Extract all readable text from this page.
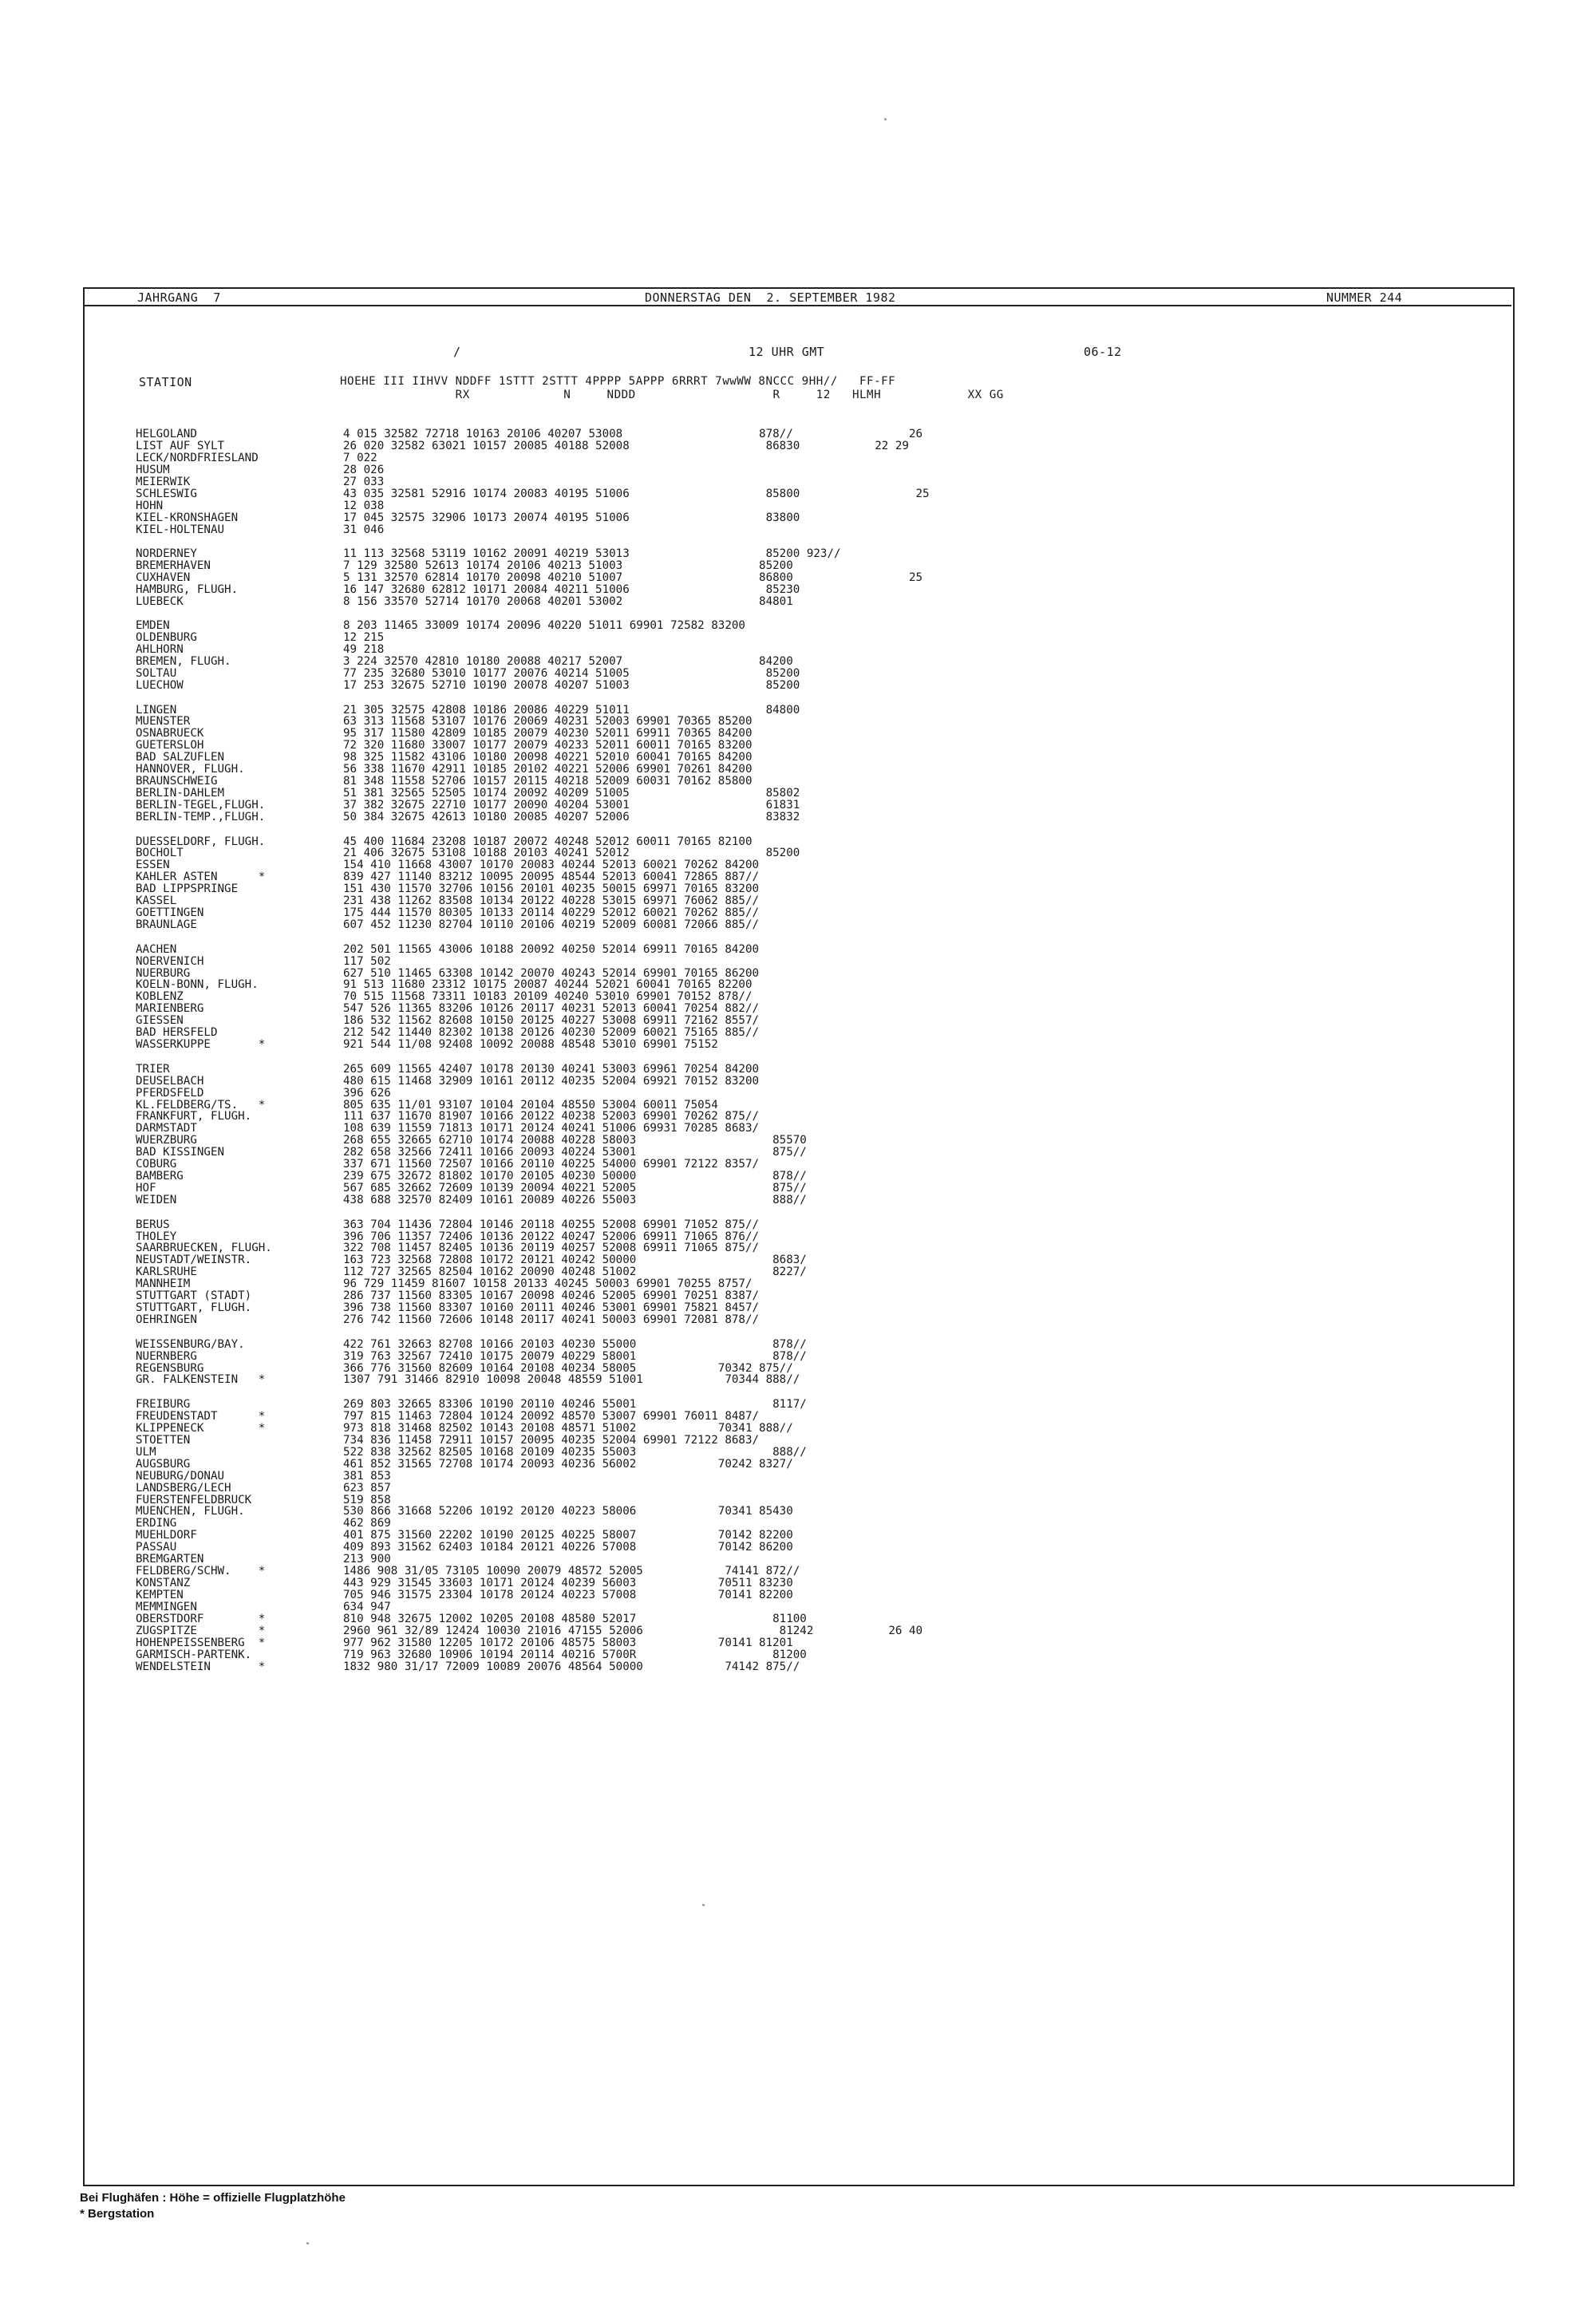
JAHRGANG  7	DONNERSTAG DEN  2. SEPTEMBER 1982	NUMMER 244
/	12 UHR GMT	06-12
STATION	HOEHE III IIHVV NDDFF 1STTT 2STTT 4PPPP 5APPP 6RRRT 7wwWW 8NCCC 9HH//   FF-FF
RX             N     NDDD                   R     12   HLMH            XX GG
HELGOLAND	4 015 32582 72718 10163 20106 40207 53008                    878//                 26
LIST AUF SYLT	26 020 32582 63021 10157 20085 40188 52008                    86830           22 29
LECK/NORDFRIESLAND	7 022
HUSUM	28 026
MEIERWIK	27 033
SCHLESWIG	43 035 32581 52916 10174 20083 40195 51006                    85800                 25
HOHN	12 038
KIEL-KRONSHAGEN	17 045 32575 32906 10173 20074 40195 51006                    83800
KIEL-HOLTENAU	31 046
NORDERNEY	11 113 32568 53119 10162 20091 40219 53013                    85200 923//
BREMERHAVEN	7 129 32580 52613 10174 20106 40213 51003                    85200
CUXHAVEN	5 131 32570 62814 10170 20098 40210 51007                    86800                 25
HAMBURG, FLUGH.	16 147 32680 62812 10171 20084 40211 51006                    85230
LUEBECK	8 156 33570 52714 10170 20068 40201 53002                    84801
EMDEN	8 203 11465 33009 10174 20096 40220 51011 69901 72582 83200
OLDENBURG	12 215
AHLHORN	49 218
BREMEN, FLUGH.	3 224 32570 42810 10180 20088 40217 52007                    84200
SOLTAU	77 235 32680 53010 10177 20076 40214 51005                    85200
LUECHOW	17 253 32675 52710 10190 20078 40207 51003                    85200
LINGEN	21 305 32575 42808 10186 20086 40229 51011                    84800
MUENSTER	63 313 11568 53107 10176 20069 40231 52003 69901 70365 85200
OSNABRUECK	95 317 11580 42809 10185 20079 40230 52011 69911 70365 84200
GUETERSLOH	72 320 11680 33007 10177 20079 40233 52011 60011 70165 83200
BAD SALZUFLEN	98 325 11582 43106 10180 20098 40221 52010 60041 70165 84200
HANNOVER, FLUGH.	56 338 11670 42911 10185 20102 40221 52006 69901 70261 84200
BRAUNSCHWEIG	81 348 11558 52706 10157 20115 40218 52009 60031 70162 85800
BERLIN-DAHLEM	51 381 32565 52505 10174 20092 40209 51005                    85802
BERLIN-TEGEL,FLUGH.	37 382 32675 22710 10177 20090 40204 53001                    61831
BERLIN-TEMP.,FLUGH.	50 384 32675 42613 10180 20085 40207 52006                    83832
DUESSELDORF, FLUGH.	45 400 11684 23208 10187 20072 40248 52012 60011 70165 82100
BOCHOLT	21 406 32675 53108 10188 20103 40241 52012                    85200
ESSEN	154 410 11668 43007 10170 20083 40244 52013 60021 70262 84200
KAHLER ASTEN      *	839 427 11140 83212 10095 20095 48544 52013 60041 72865 887//
BAD LIPPSPRINGE	151 430 11570 32706 10156 20101 40235 50015 69971 70165 83200
KASSEL	231 438 11262 83508 10134 20122 40228 53015 69971 76062 885//
GOETTINGEN	175 444 11570 80305 10133 20114 40229 52012 60021 70262 885//
BRAUNLAGE	607 452 11230 82704 10110 20106 40219 52009 60081 72066 885//
AACHEN	202 501 11565 43006 10188 20092 40250 52014 69911 70165 84200
NOERVENICH	117 502
NUERBURG	627 510 11465 63308 10142 20070 40243 52014 69901 70165 86200
KOELN-BONN, FLUGH.	91 513 11680 23312 10175 20087 40244 52021 60041 70165 82200
KOBLENZ	70 515 11568 73311 10183 20109 40240 53010 69901 70152 878//
MARIENBERG	547 526 11365 83206 10126 20117 40231 52013 60041 70254 882//
GIESSEN	186 532 11562 82608 10150 20125 40227 53008 69911 72162 8557/
BAD HERSFELD	212 542 11440 82302 10138 20126 40230 52009 60021 75165 885//
WASSERKUPPE       *	921 544 11/08 92408 10092 20088 48548 53010 69901 75152
TRIER	265 609 11565 42407 10178 20130 40241 53003 69961 70254 84200
DEUSELBACH	480 615 11468 32909 10161 20112 40235 52004 69921 70152 83200
PFERDSFELD	396 626
KL.FELDBERG/TS.   *	805 635 11/01 93107 10104 20104 48550 53004 60011 75054
FRANKFURT, FLUGH.	111 637 11670 81907 10166 20122 40238 52003 69901 70262 875//
DARMSTADT	108 639 11559 71813 10171 20124 40241 51006 69931 70285 8683/
WUERZBURG	268 655 32665 62710 10174 20088 40228 58003                    85570
BAD KISSINGEN	282 658 32566 72411 10166 20093 40224 53001                    875//
COBURG	337 671 11560 72507 10166 20110 40225 54000 69901 72122 8357/
BAMBERG	239 675 32672 81802 10170 20105 40230 50000                    878//
HOF	567 685 32662 72609 10139 20094 40221 52005                    875//
WEIDEN	438 688 32570 82409 10161 20089 40226 55003                    888//
BERUS	363 704 11436 72804 10146 20118 40255 52008 69901 71052 875//
THOLEY	396 706 11357 72406 10136 20122 40247 52006 69911 71065 876//
SAARBRUECKEN, FLUGH.	322 708 11457 82405 10136 20119 40257 52008 69911 71065 875//
NEUSTADT/WEINSTR.	163 723 32568 72808 10172 20121 40242 50000                    8683/
KARLSRUHE	112 727 32565 82504 10162 20090 40248 51002                    8227/
MANNHEIM	96 729 11459 81607 10158 20133 40245 50003 69901 70255 8757/
STUTTGART (STADT)	286 737 11560 83305 10167 20098 40246 52005 69901 70251 8387/
STUTTGART, FLUGH.	396 738 11560 83307 10160 20111 40246 53001 69901 75821 8457/
OEHRINGEN	276 742 11560 72606 10148 20117 40241 50003 69901 72081 878//
WEISSENBURG/BAY.	422 761 32663 82708 10166 20103 40230 55000                    878//
NUERNBERG	319 763 32567 72410 10175 20079 40229 58001                    878//
REGENSBURG	366 776 31560 82609 10164 20108 40234 58005            70342 875//
GR. FALKENSTEIN   *	1307 791 31466 82910 10098 20048 48559 51001            70344 888//
FREIBURG	269 803 32665 83306 10190 20110 40246 55001                    8117/
FREUDENSTADT      *	797 815 11463 72804 10124 20092 48570 53007 69901 76011 8487/
KLIPPENECK        *	973 818 31468 82502 10143 20108 48571 51002            70341 888//
STOETTEN	734 836 11458 72911 10157 20095 40235 52004 69901 72122 8683/
ULM	522 838 32562 82505 10168 20109 40235 55003                    888//
AUGSBURG	461 852 31565 72708 10174 20093 40236 56002            70242 8327/
NEUBURG/DONAU	381 853
LANDSBERG/LECH	623 857
FUERSTENFELDBRUCK	519 858
MUENCHEN, FLUGH.	530 866 31668 52206 10192 20120 40223 58006            70341 85430
ERDING	462 869
MUEHLDORF	401 875 31560 22202 10190 20125 40225 58007            70142 82200
PASSAU	409 893 31562 62403 10184 20121 40226 57008            70142 86200
BREMGARTEN	213 900
FELDBERG/SCHW.    *	1486 908 31/05 73105 10090 20079 48572 52005            74141 872//
KONSTANZ	443 929 31545 33603 10171 20124 40239 56003            70511 83230
KEMPTEN	705 946 31575 23304 10178 20124 40223 57008            70141 82200
MEMMINGEN	634 947
OBERSTDORF        *	810 948 32675 12002 10205 20108 48580 52017                    81100
ZUGSPITZE         *	2960 961 32/89 12424 10030 21016 47155 52006                    81242           26 40
HOHENPEISSENBERG  *	977 962 31580 12205 10172 20106 48575 58003            70141 81201
GARMISCH-PARTENK.	719 963 32680 10906 10194 20114 40216 5700R                    81200
WENDELSTEIN       *	1832 980 31/17 72009 10089 20076 48564 50000            74142 875//
Bei Flughäfen : Höhe = offizielle Flugplatzhöhe
* Bergstation
